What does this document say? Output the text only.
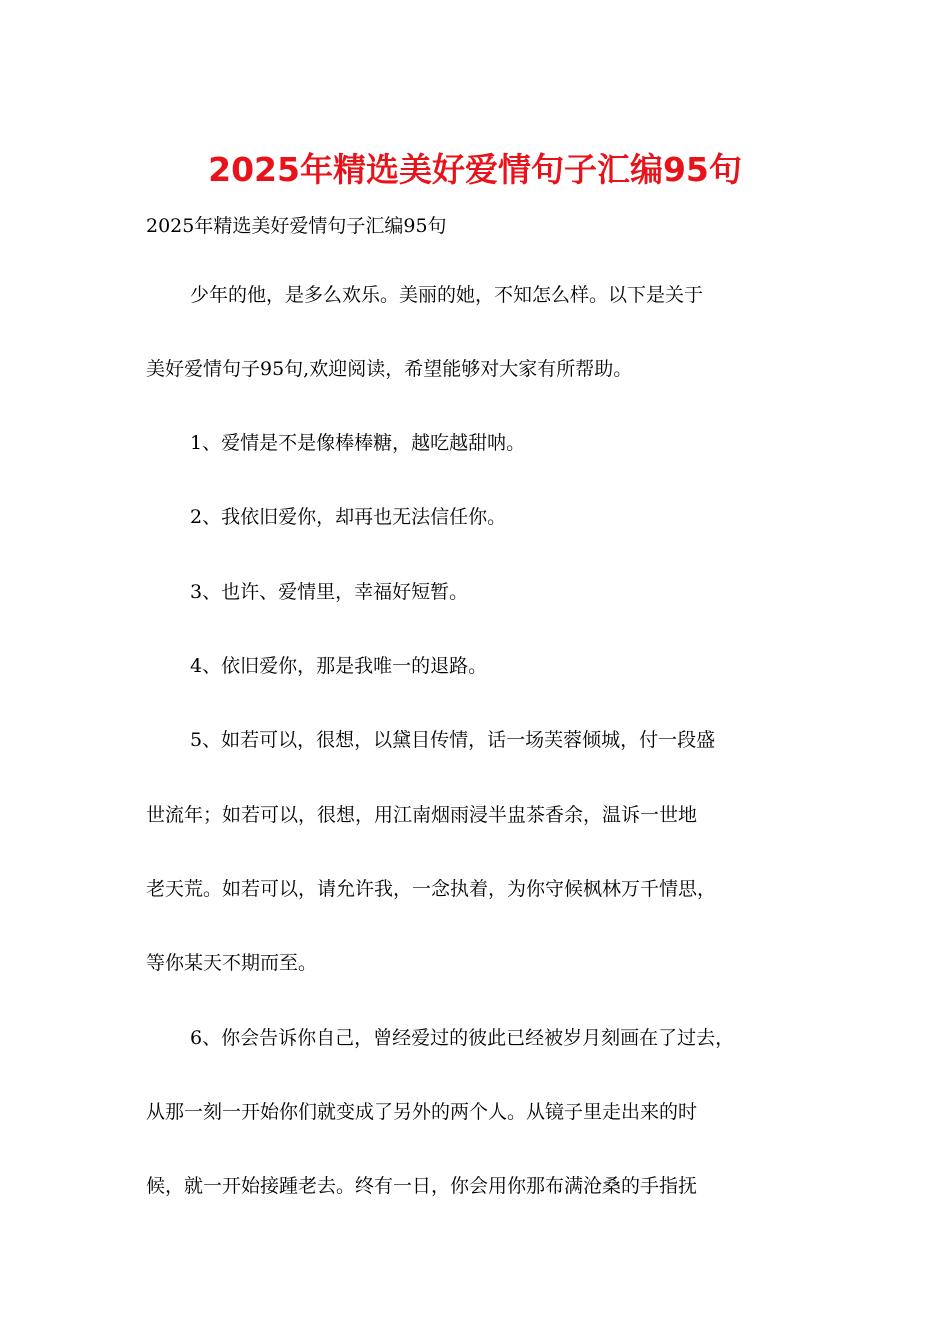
2025年精选美好爱情句子汇编95句
2025年精选美好爱情句子汇编95句
少年的他，是多么欢乐。美丽的她，不知怎么样。以下是关于
美好爱情句子95句,欢迎阅读，希望能够对大家有所帮助。
1、爱情是不是像棒棒糖，越吃越甜呐。
2、我依旧爱你，却再也无法信任你。
3、也许、爱情里，幸福好短暂。
4、依旧爱你，那是我唯一的退路。
5、如若可以，很想，以黛目传情，话一场芙蓉倾城，付一段盛
世流年；如若可以，很想，用江南烟雨浸半盅茶香余，温诉一世地
老天荒。如若可以，请允许我，一念执着，为你守候枫林万千情思，
等你某天不期而至。
6、你会告诉你自己，曾经爱过的彼此已经被岁月刻画在了过去，
从那一刻一开始你们就变成了另外的两个人。从镜子里走出来的时
候，就一开始接踵老去。终有一日，你会用你那布满沧桑的手指抚
